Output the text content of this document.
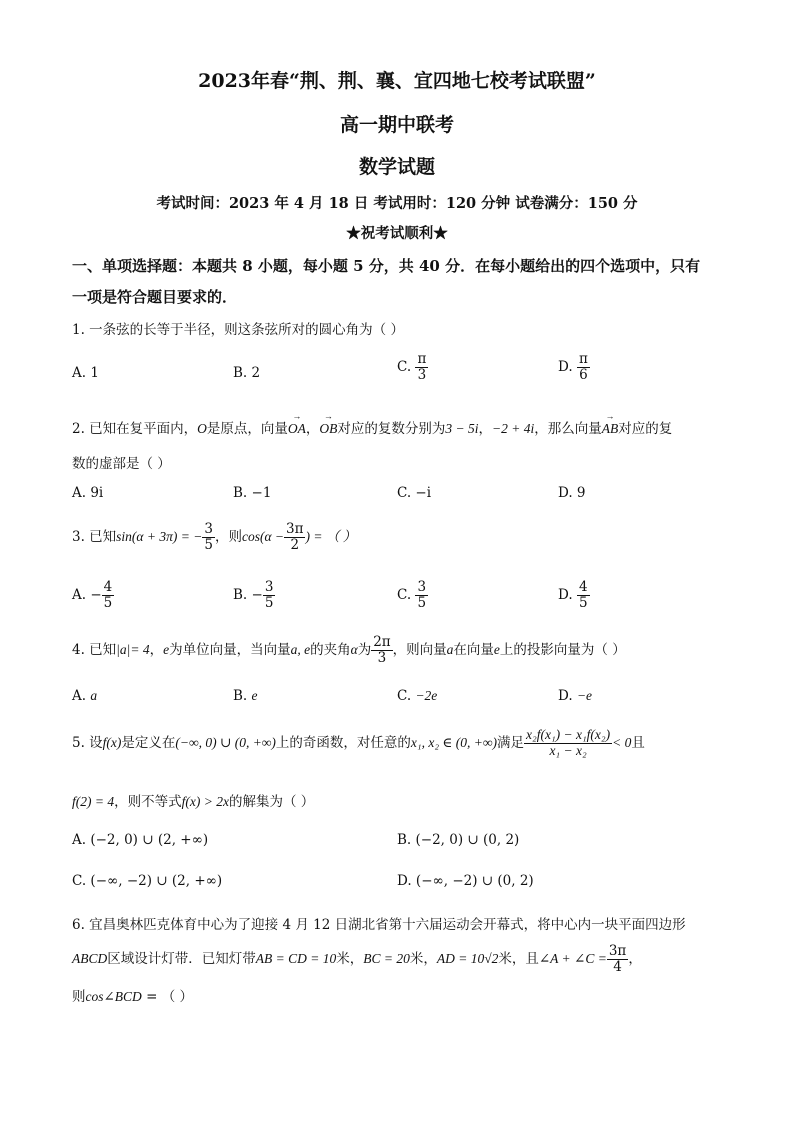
2023年春“荆、荆、襄、宜四地七校考试联盟”
高一期中联考
数学试题
考试时间：2023 年 4 月 18 日 考试用时：120 分钟 试卷满分：150 分
★祝考试顺利★
一、单项选择题：本题共 8 小题，每小题 5 分，共 40 分．在每小题给出的四个选项中，只有
一项是符合题目要求的．
1. 一条弦的长等于半径，则这条弦所对的圆心角为（ ）
A. 1	B. 2	C. $\frac{\pi}{3}$	D. $\frac{\pi}{6}$
2. 已知在复平面内，O是原点，向量→ OA，→ OB对应的复数分别为3 − 5i，−2 + 4i，那么向量→ AB对应的复
数的虚部是（ ）
A. 9i	B. −1	C. −i	D. 9
3. 已知sin(α + 3π) = − $\frac{3}{5}$ ，则$\cos(\alpha - \frac{3\pi}{2}$ ) = （ ）
A. − $\frac{4}{5}$	B. − $\frac{3}{5}$	C. $\frac{3}{5}$	D. $\frac{4}{5}$
4. 已知|a|= 4，e为单位向量，当向量a, e的夹角α为 $\frac{2\pi}{3}$ ，则向量a在向量e上的投影向量为（ ）
A. a	B. e	C. −2e	D. −e
5. 设f(x)是定义在(−∞, 0) ∪ (0, +∞)上的奇函数，对任意的x₁, x₂ ∈ (0, +∞)满足 $\frac{\text{x₂f(x₁) − x₁f(x₂)}}{\text{x₁ − x₂}} < 0$且
f(2) = 4，则不等式f(x) > 2x的解集为（ ）
A. (−2, 0) ∪ (2, +∞)	B. (−2, 0) ∪ (0, 2)
C. (−∞, −2) ∪ (2, +∞)	D. (−∞, −2) ∪ (0, 2)
6. 宜昌奥林匹克体育中心为了迎接 4 月 12 日湖北省第十六届运动会开幕式，将中心内一块平面四边形
ABCD区域设计灯带．已知灯带AB = CD = 10米，BC = 20米，AD = 10√2米，且∠A + ∠C = $\frac{3\pi}{4}$ ，
则cos∠BCD = （ ）
